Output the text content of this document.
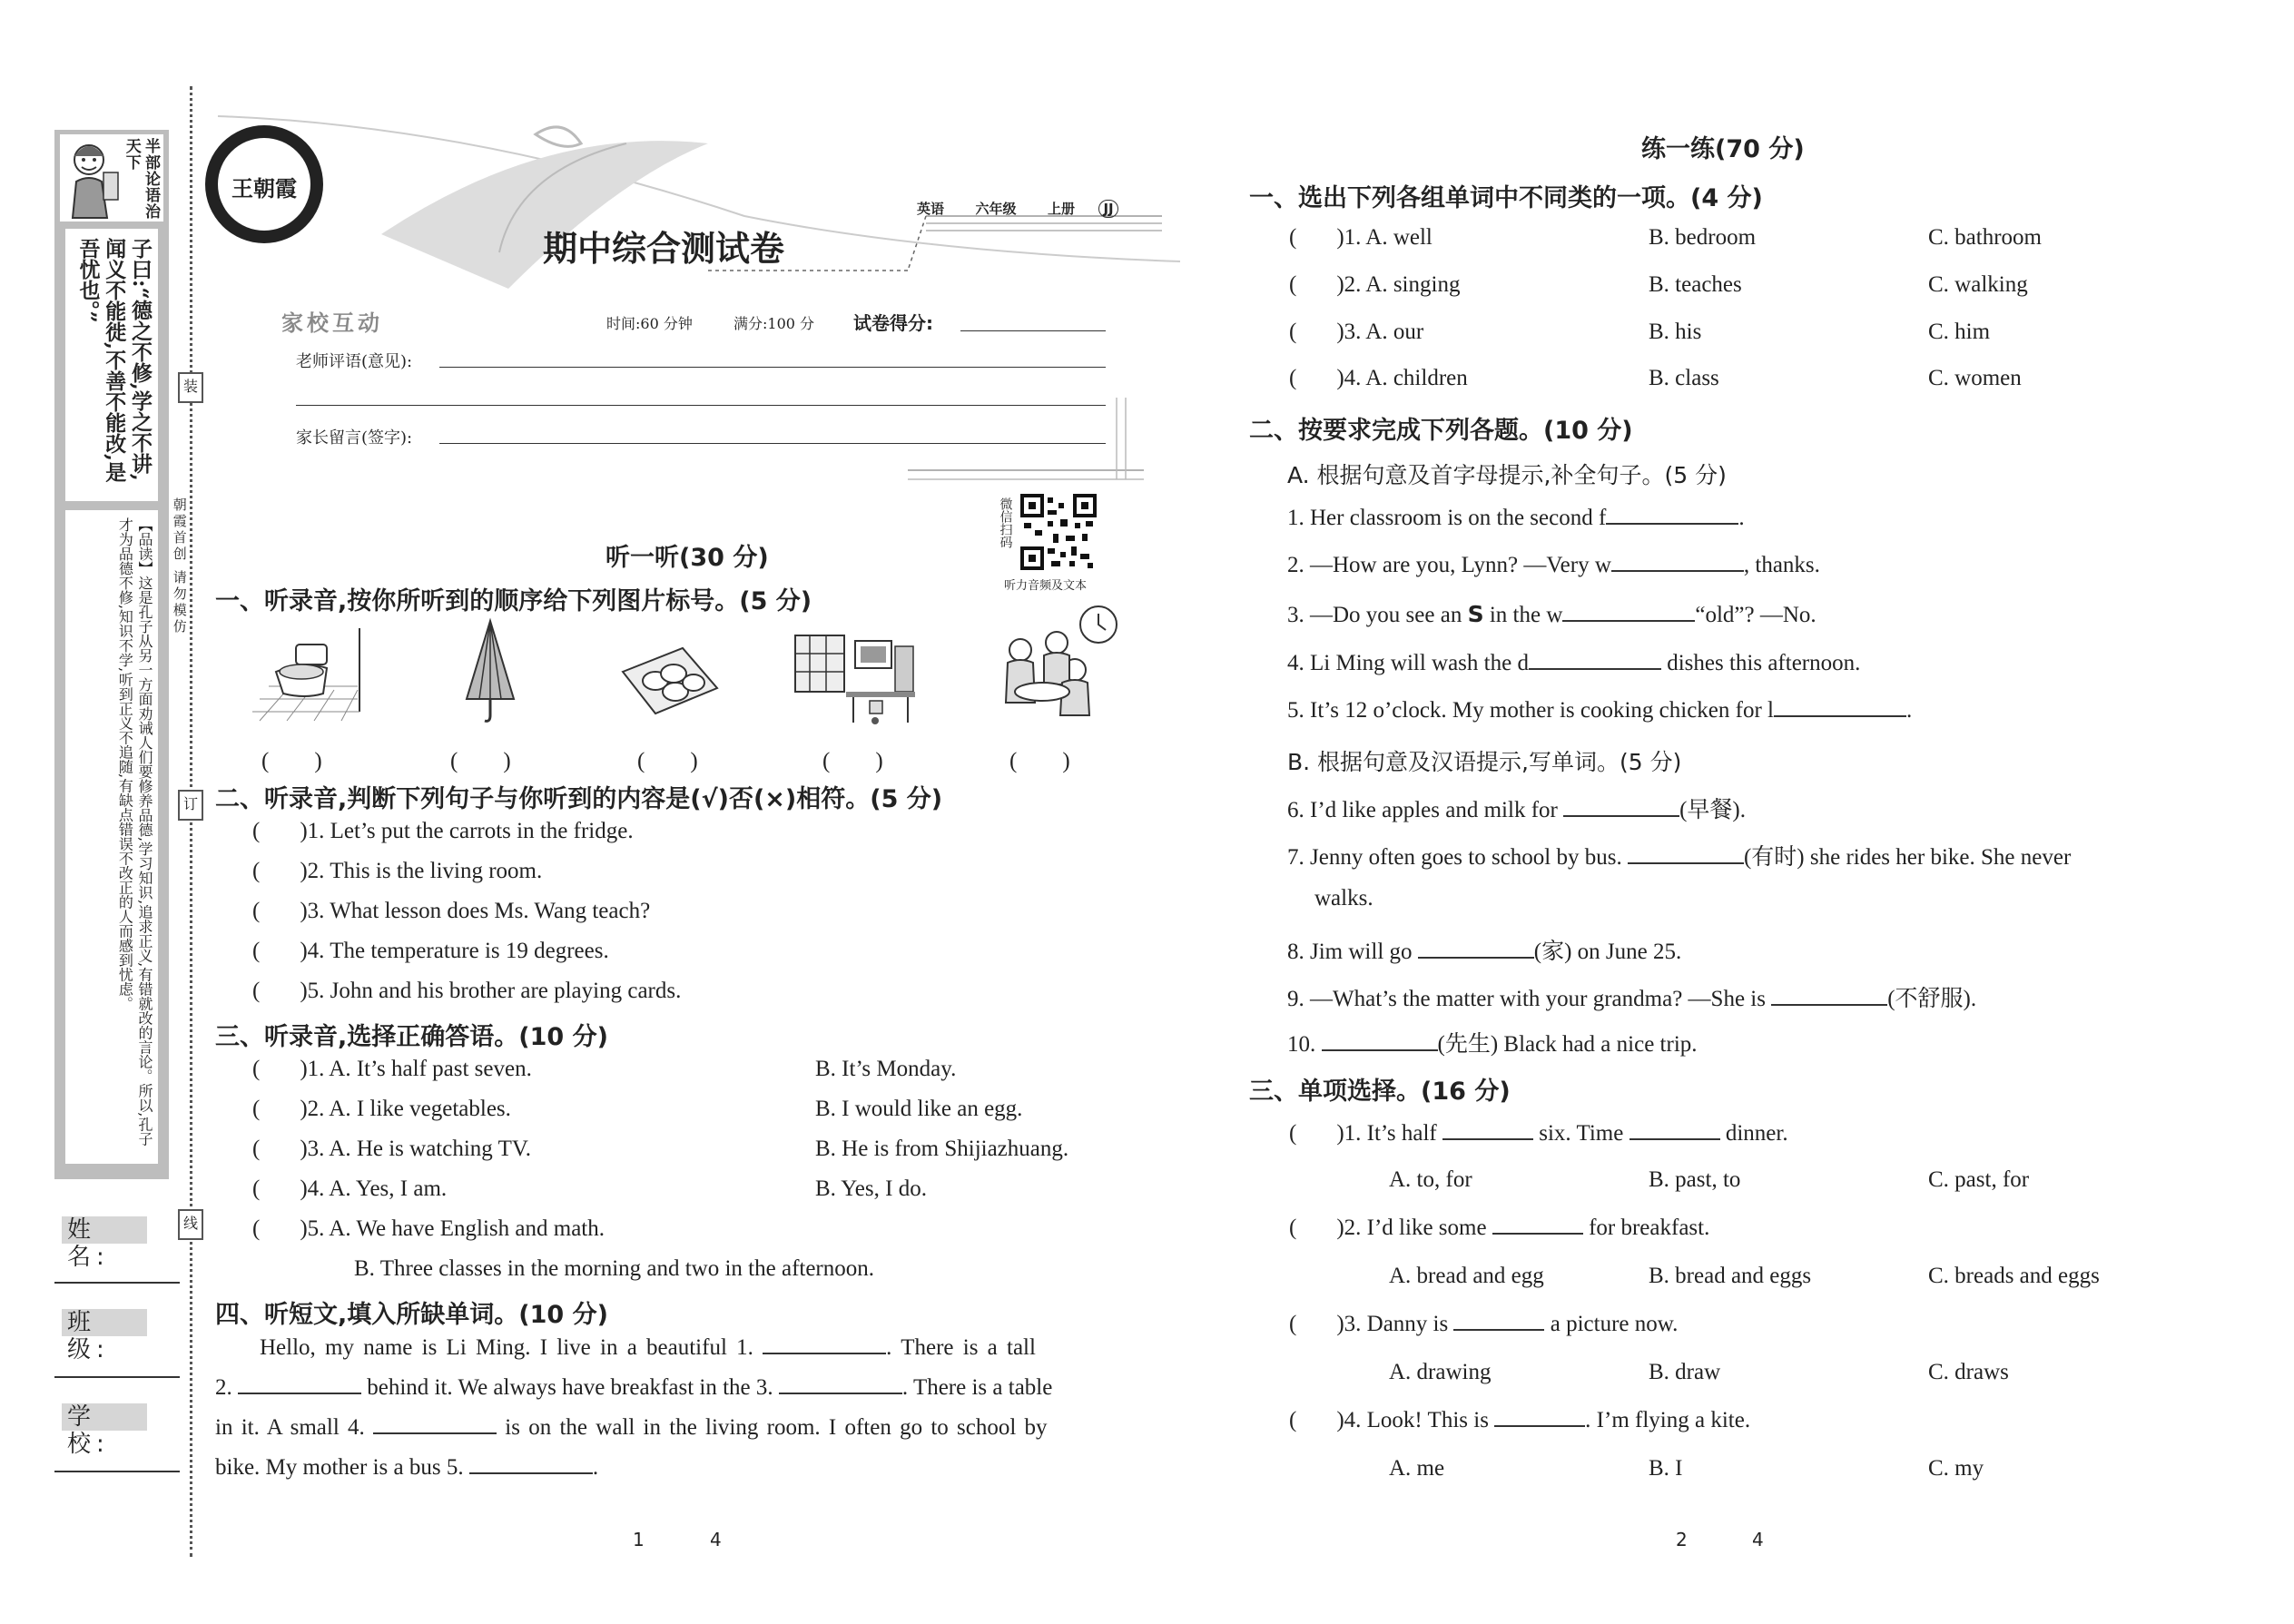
半部论语治天下
子曰:“德之不修,学之不讲,闻义不能徙,不善不能改,是吾忧也。”
【品读】这是孔子从另一方面劝诫人们要修养品德,学习知识,追求正义,有错就改的言论。所以,孔子才为品德不修,知识不学,听到正义不追随,有缺点错误不改正的人而感到忧虑。
装
订
线
朝霞首创 请勿模仿
姓 名:
班 级:
学 校:
王朝霞
英语 六年级 上册 JJ
期中综合测试卷
家校互动	时间:60 分钟	满分:100 分 试卷得分:
老师评语(意见):
家长留言(签字):
微信扫码
听力音频及文本
听一听(30 分)
一、听录音,按你所听到的顺序给下列图片标号。(5 分)
(　　)	(　　)	(　　)	(　　)	(　　)
二、听录音,判断下列句子与你听到的内容是(√)否(×)相符。(5 分)
( )1. Let’s put the carrots in the fridge.
( )2. This is the living room.
( )3. What lesson does Ms. Wang teach?
( )4. The temperature is 19 degrees.
( )5. John and his brother are playing cards.
三、听录音,选择正确答语。(10 分)
( )1. A. It’s half past seven.	B. It’s Monday.
( )2. A. I like vegetables.	B. I would like an egg.
( )3. A. He is watching TV.	B. He is from Shijiazhuang.
( )4. A. Yes, I am.	B. Yes, I do.
( )5. A. We have English and math.
B. Three classes in the morning and two in the afternoon.
四、听短文,填入所缺单词。(10 分)
Hello, my name is Li Ming. I live in a beautiful 1.	. There is a tall
2.	behind it. We always have breakfast in the 3.	. There is a table
in it. A small 4.	is on the wall in the living room. I often go to school by
bike. My mother is a bus 5.	.
1	4
练一练(70 分)
一、选出下列各组单词中不同类的一项。(4 分)
( )1. A. well	B. bedroom	C. bathroom
( )2. A. singing	B. teaches	C. walking
( )3. A. our	B. his	C. him
( )4. A. children	B. class	C. women
二、按要求完成下列各题。(10 分)
A. 根据句意及首字母提示,补全句子。(5 分)
1. Her classroom is on the second f	.
2. —How are you, Lynn? —Very w	, thanks.
3. —Do you see an S in the w	“old”? —No.
4. Li Ming will wash the d	dishes this afternoon.
5. It’s 12 o’clock. My mother is cooking chicken for l	.
B. 根据句意及汉语提示,写单词。(5 分)
6. I’d like apples and milk for	(早餐).
7. Jenny often goes to school by bus.	(有时) she rides her bike. She never
walks.
8. Jim will go	(家) on June 25.
9. —What’s the matter with your grandma? —She is	(不舒服).
10.	(先生) Black had a nice trip.
三、单项选择。(16 分)
( )1. It’s half	six. Time	dinner.
A. to, for	B. past, to	C. past, for
( )2. I’d like some	for breakfast.
A. bread and egg	B. bread and eggs	C. breads and eggs
( )3. Danny is	a picture now.
A. drawing	B. draw	C. draws
( )4. Look! This is	. I’m flying a kite.
A. me	B. I	C. my
2	4
